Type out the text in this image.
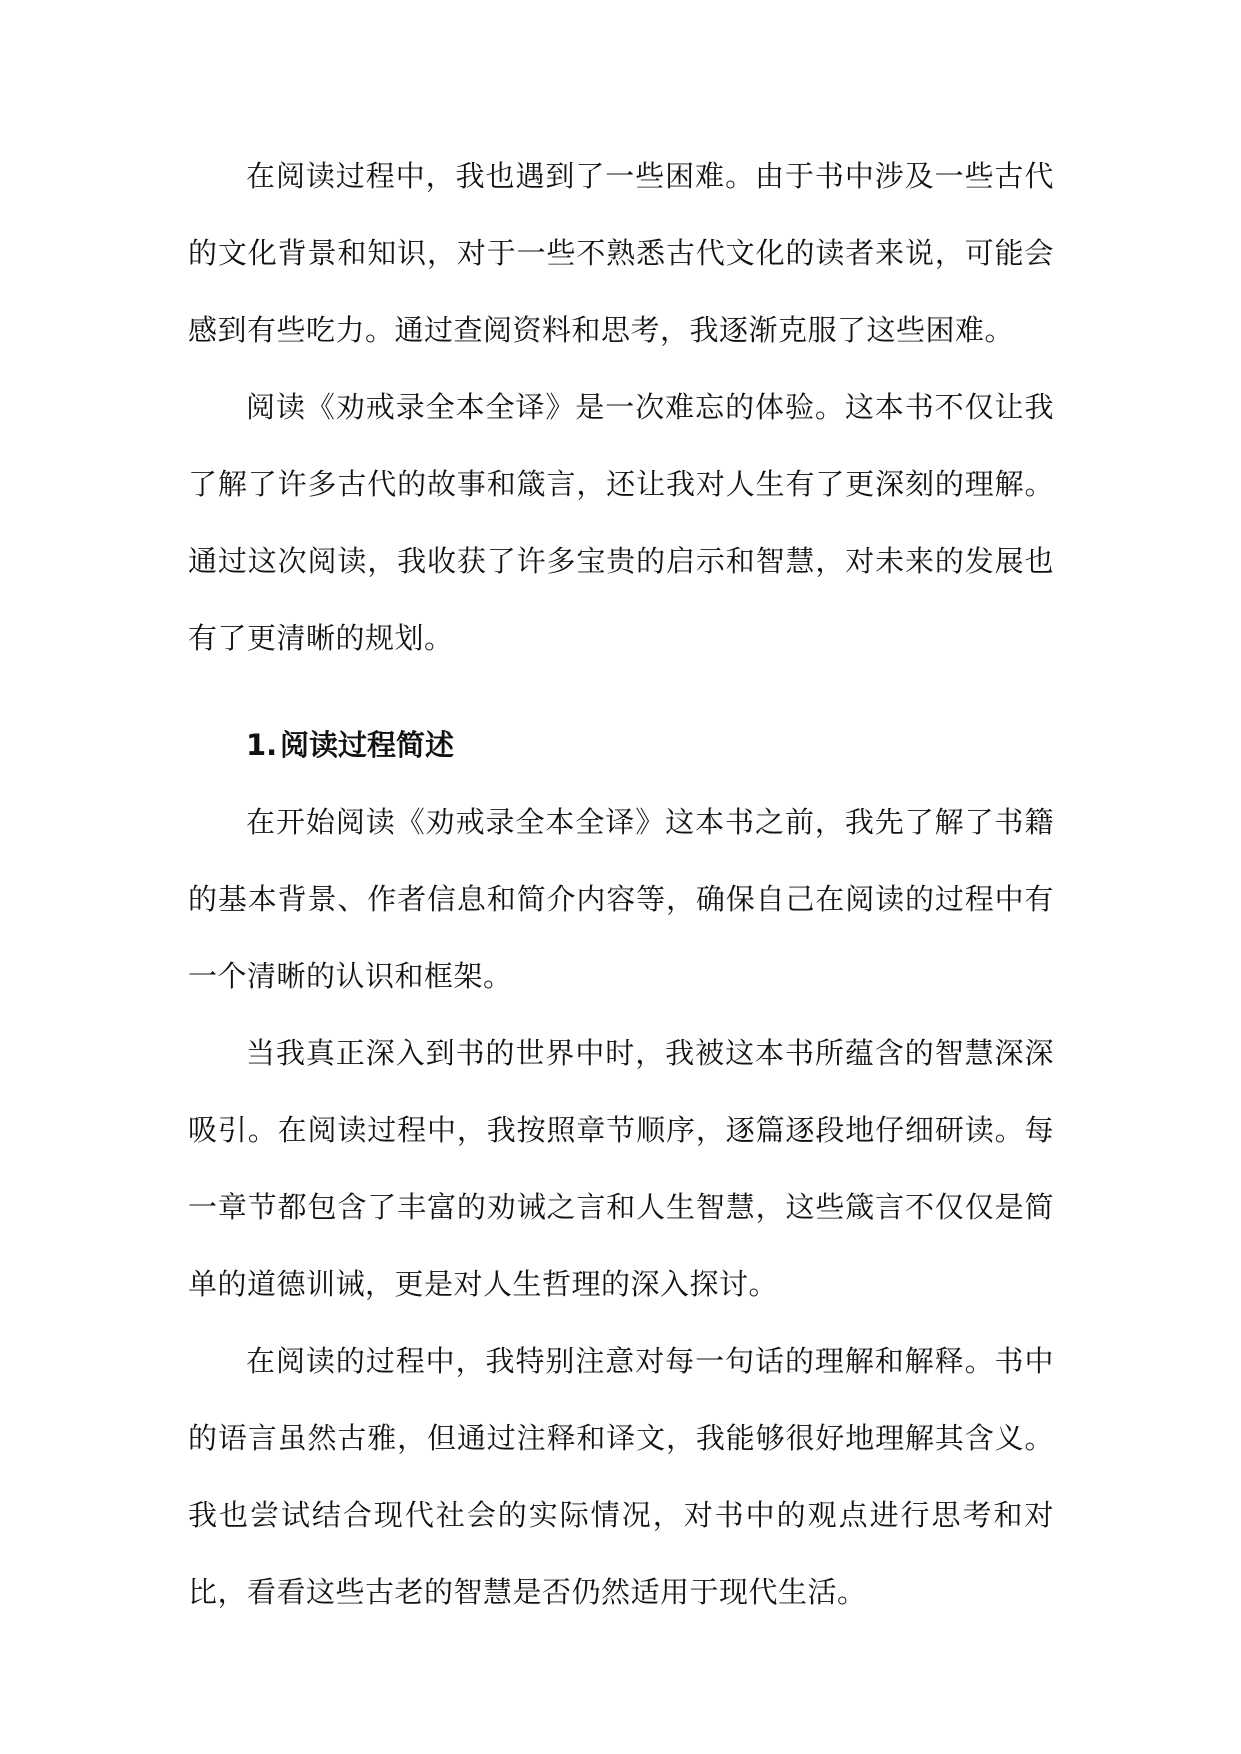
在阅读过程中，我也遇到了一些困难。由于书中涉及一些古代的文化背景和知识，对于一些不熟悉古代文化的读者来说，可能会感到有些吃力。通过查阅资料和思考，我逐渐克服了这些困难。

阅读《劝戒录全本全译》是一次难忘的体验。这本书不仅让我了解了许多古代的故事和箴言，还让我对人生有了更深刻的理解。通过这次阅读，我收获了许多宝贵的启示和智慧，对未来的发展也有了更清晰的规划。

1.阅读过程简述

在开始阅读《劝戒录全本全译》这本书之前，我先了解了书籍的基本背景、作者信息和简介内容等，确保自己在阅读的过程中有一个清晰的认识和框架。

当我真正深入到书的世界中时，我被这本书所蕴含的智慧深深吸引。在阅读过程中，我按照章节顺序，逐篇逐段地仔细研读。每一章节都包含了丰富的劝诫之言和人生智慧，这些箴言不仅仅是简单的道德训诫，更是对人生哲理的深入探讨。

在阅读的过程中，我特别注意对每一句话的理解和解释。书中的语言虽然古雅，但通过注释和译文，我能够很好地理解其含义。我也尝试结合现代社会的实际情况，对书中的观点进行思考和对比，看看这些古老的智慧是否仍然适用于现代生活。
